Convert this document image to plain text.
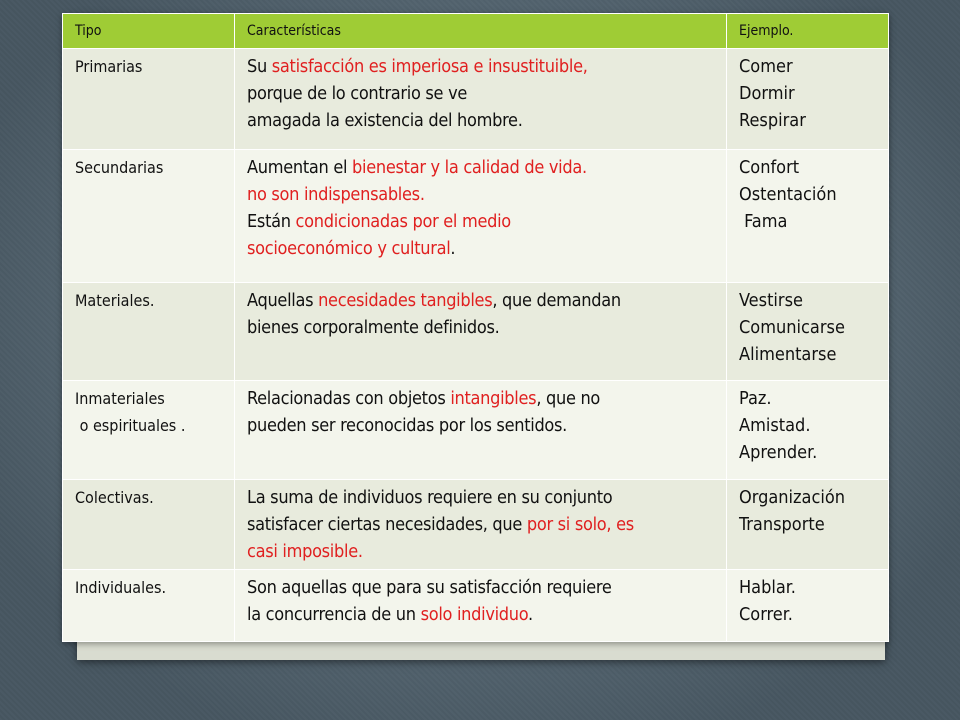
Tipo	Características	Ejemplo.

Primarias	Su satisfacción es imperiosa e insustituible,
porque de lo contrario se ve
amagada la existencia del hombre.	Comer
Dormir
Respirar

Secundarias	Aumentan el bienestar y la calidad de vida.
no son indispensables.
Están condicionadas por el medio
socioeconómico y cultural.	Confort
Ostentación
Fama

Materiales.	Aquellas necesidades tangibles, que demandan
bienes corporalmente definidos.	Vestirse
Comunicarse
Alimentarse

Inmateriales
o espirituales .	Relacionadas con objetos intangibles, que no
pueden ser reconocidas por los sentidos.	Paz.
Amistad.
Aprender.

Colectivas.	La suma de individuos requiere en su conjunto
satisfacer ciertas necesidades, que por si solo, es
casi imposible.	Organización
Transporte

Individuales.	Son aquellas que para su satisfacción requiere
la concurrencia de un solo individuo.	Hablar.
Correr.
